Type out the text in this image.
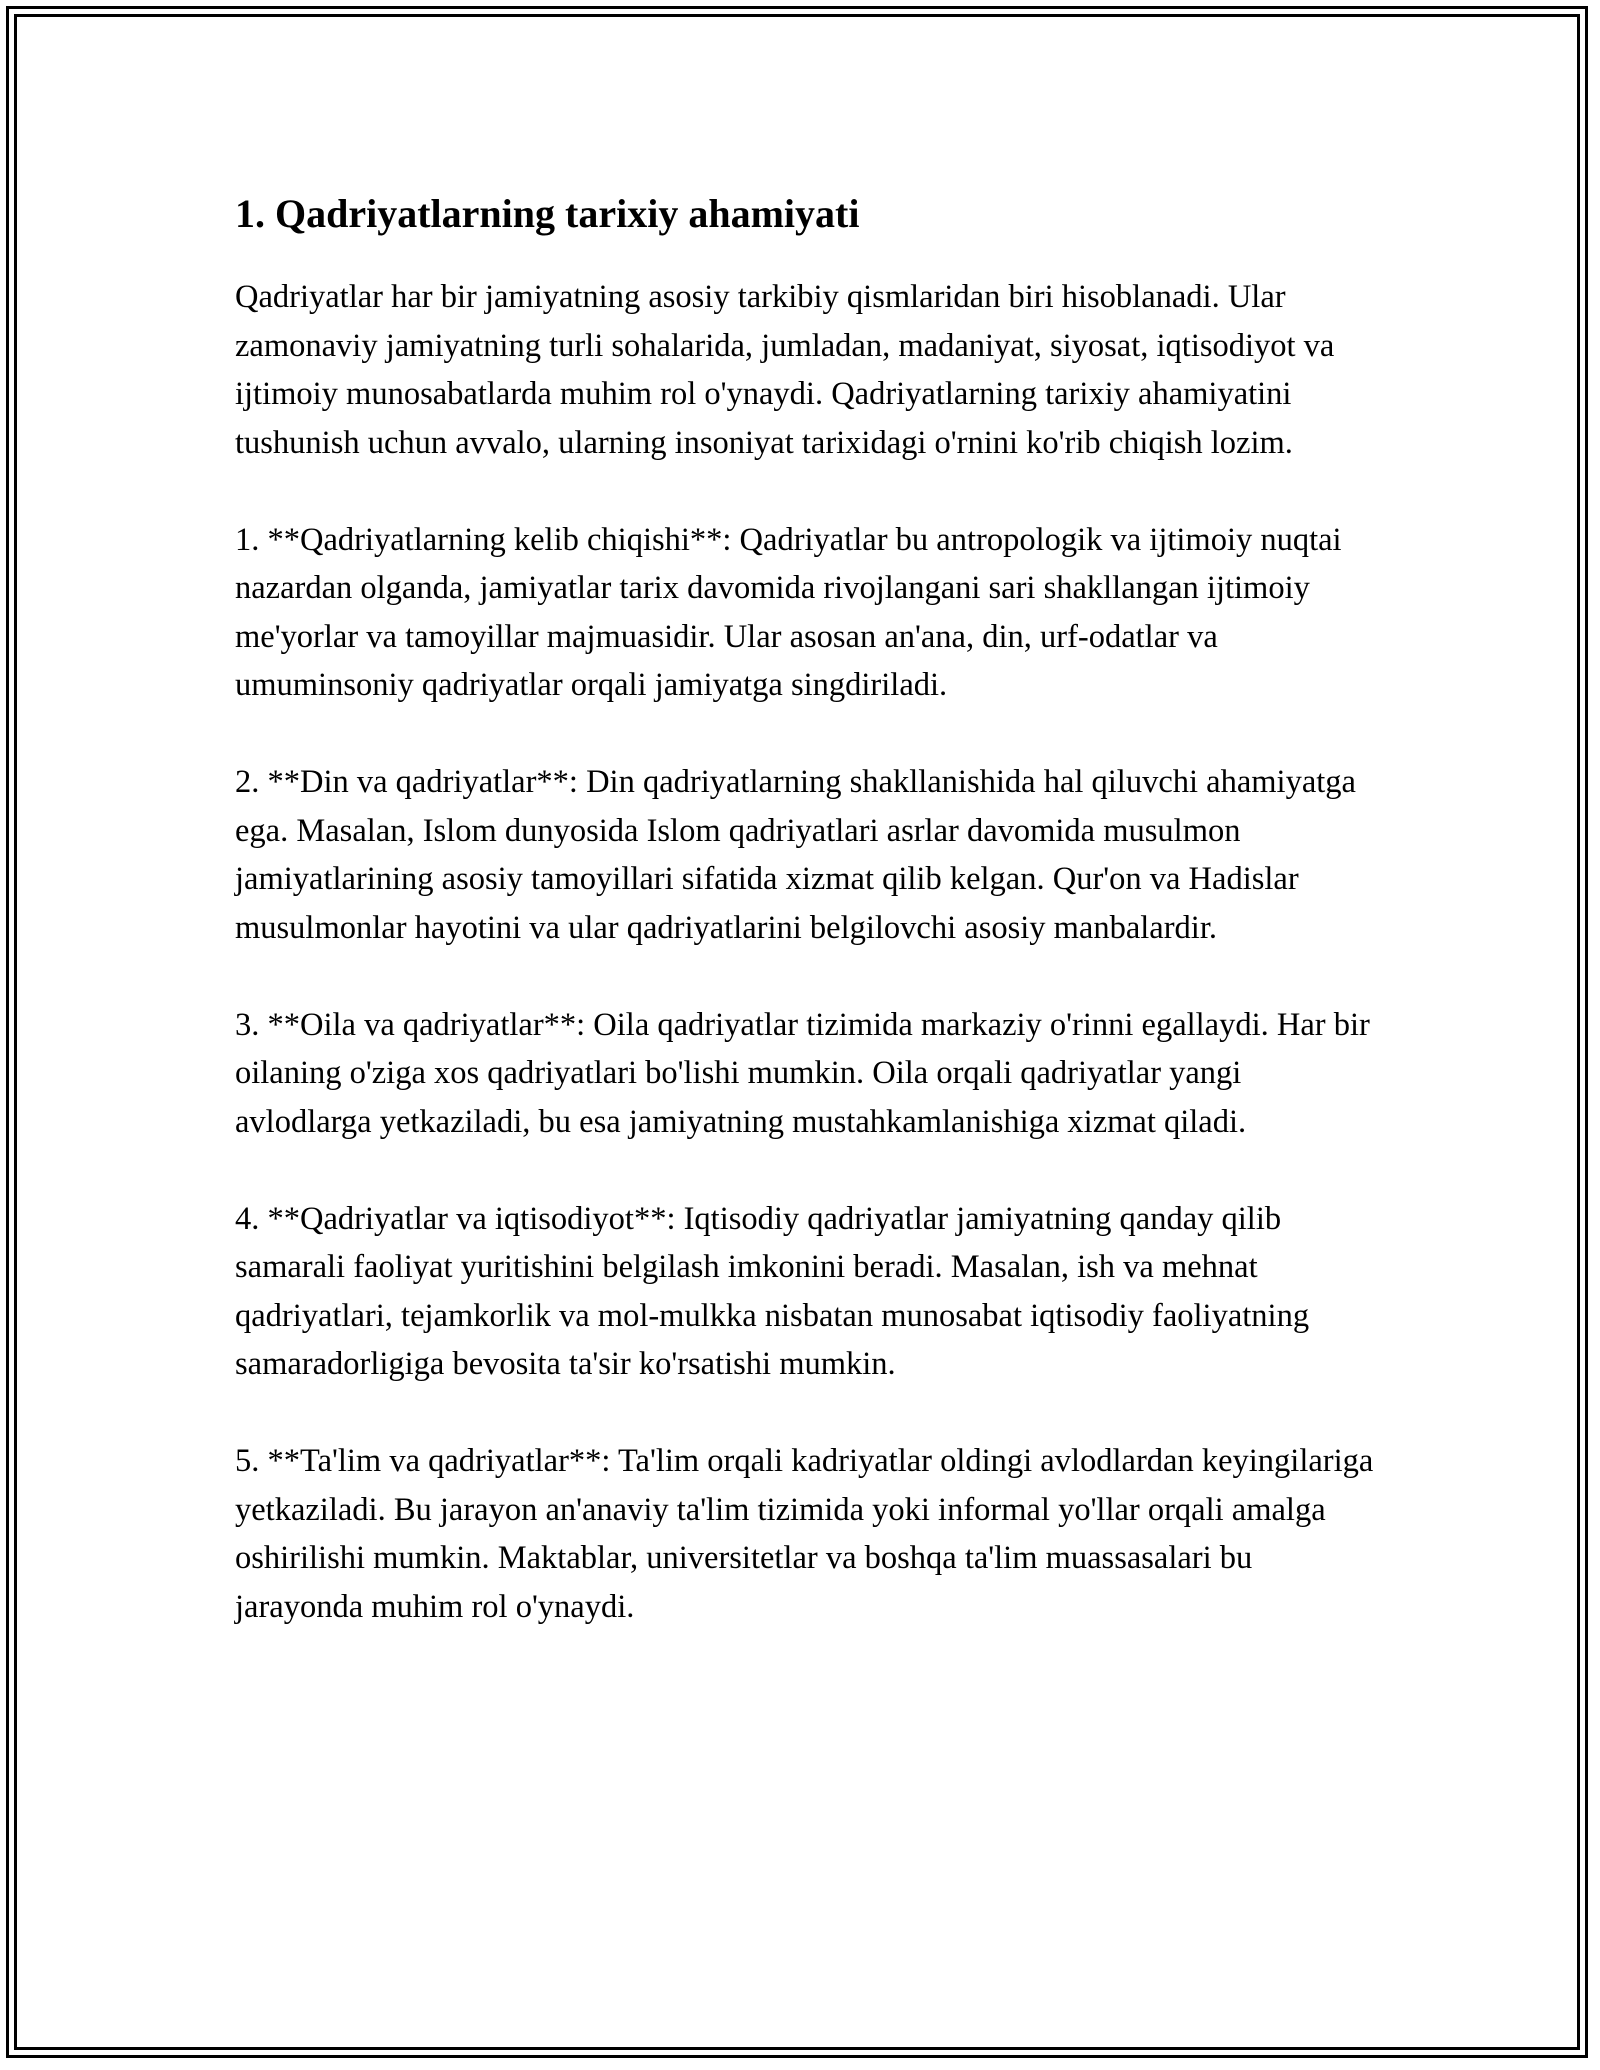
1. Qadriyatlarning tarixiy ahamiyati

Qadriyatlar har bir jamiyatning asosiy tarkibiy qismlaridan biri hisoblanadi. Ular zamonaviy jamiyatning turli sohalarida, jumladan, madaniyat, siyosat, iqtisodiyot va ijtimoiy munosabatlarda muhim rol o'ynaydi. Qadriyatlarning tarixiy ahamiyatini tushunish uchun avvalo, ularning insoniyat tarixidagi o'rnini ko'rib chiqish lozim.

1. **Qadriyatlarning kelib chiqishi**: Qadriyatlar bu antropologik va ijtimoiy nuqtai nazardan olganda, jamiyatlar tarix davomida rivojlangani sari shakllangan ijtimoiy me'yorlar va tamoyillar majmuasidir. Ular asosan an'ana, din, urf-odatlar va umuminsoniy qadriyatlar orqali jamiyatga singdiriladi.

2. **Din va qadriyatlar**: Din qadriyatlarning shakllanishida hal qiluvchi ahamiyatga ega. Masalan, Islom dunyosida Islom qadriyatlari asrlar davomida musulmon jamiyatlarining asosiy tamoyillari sifatida xizmat qilib kelgan. Qur'on va Hadislar musulmonlar hayotini va ular qadriyatlarini belgilovchi asosiy manbalardir.

3. **Oila va qadriyatlar**: Oila qadriyatlar tizimida markaziy o'rinni egallaydi. Har bir oilaning o'ziga xos qadriyatlari bo'lishi mumkin. Oila orqali qadriyatlar yangi avlodlarga yetkaziladi, bu esa jamiyatning mustahkamlanishiga xizmat qiladi.

4. **Qadriyatlar va iqtisodiyot**: Iqtisodiy qadriyatlar jamiyatning qanday qilib samarali faoliyat yuritishini belgilash imkonini beradi. Masalan, ish va mehnat qadriyatlari, tejamkorlik va mol-mulkka nisbatan munosabat iqtisodiy faoliyatning samaradorligiga bevosita ta'sir ko'rsatishi mumkin.

5. **Ta'lim va qadriyatlar**: Ta'lim orqali kadriyatlar oldingi avlodlardan keyingilariga yetkaziladi. Bu jarayon an'anaviy ta'lim tizimida yoki informal yo'llar orqali amalga oshirilishi mumkin. Maktablar, universitetlar va boshqa ta'lim muassasalari bu jarayonda muhim rol o'ynaydi.
